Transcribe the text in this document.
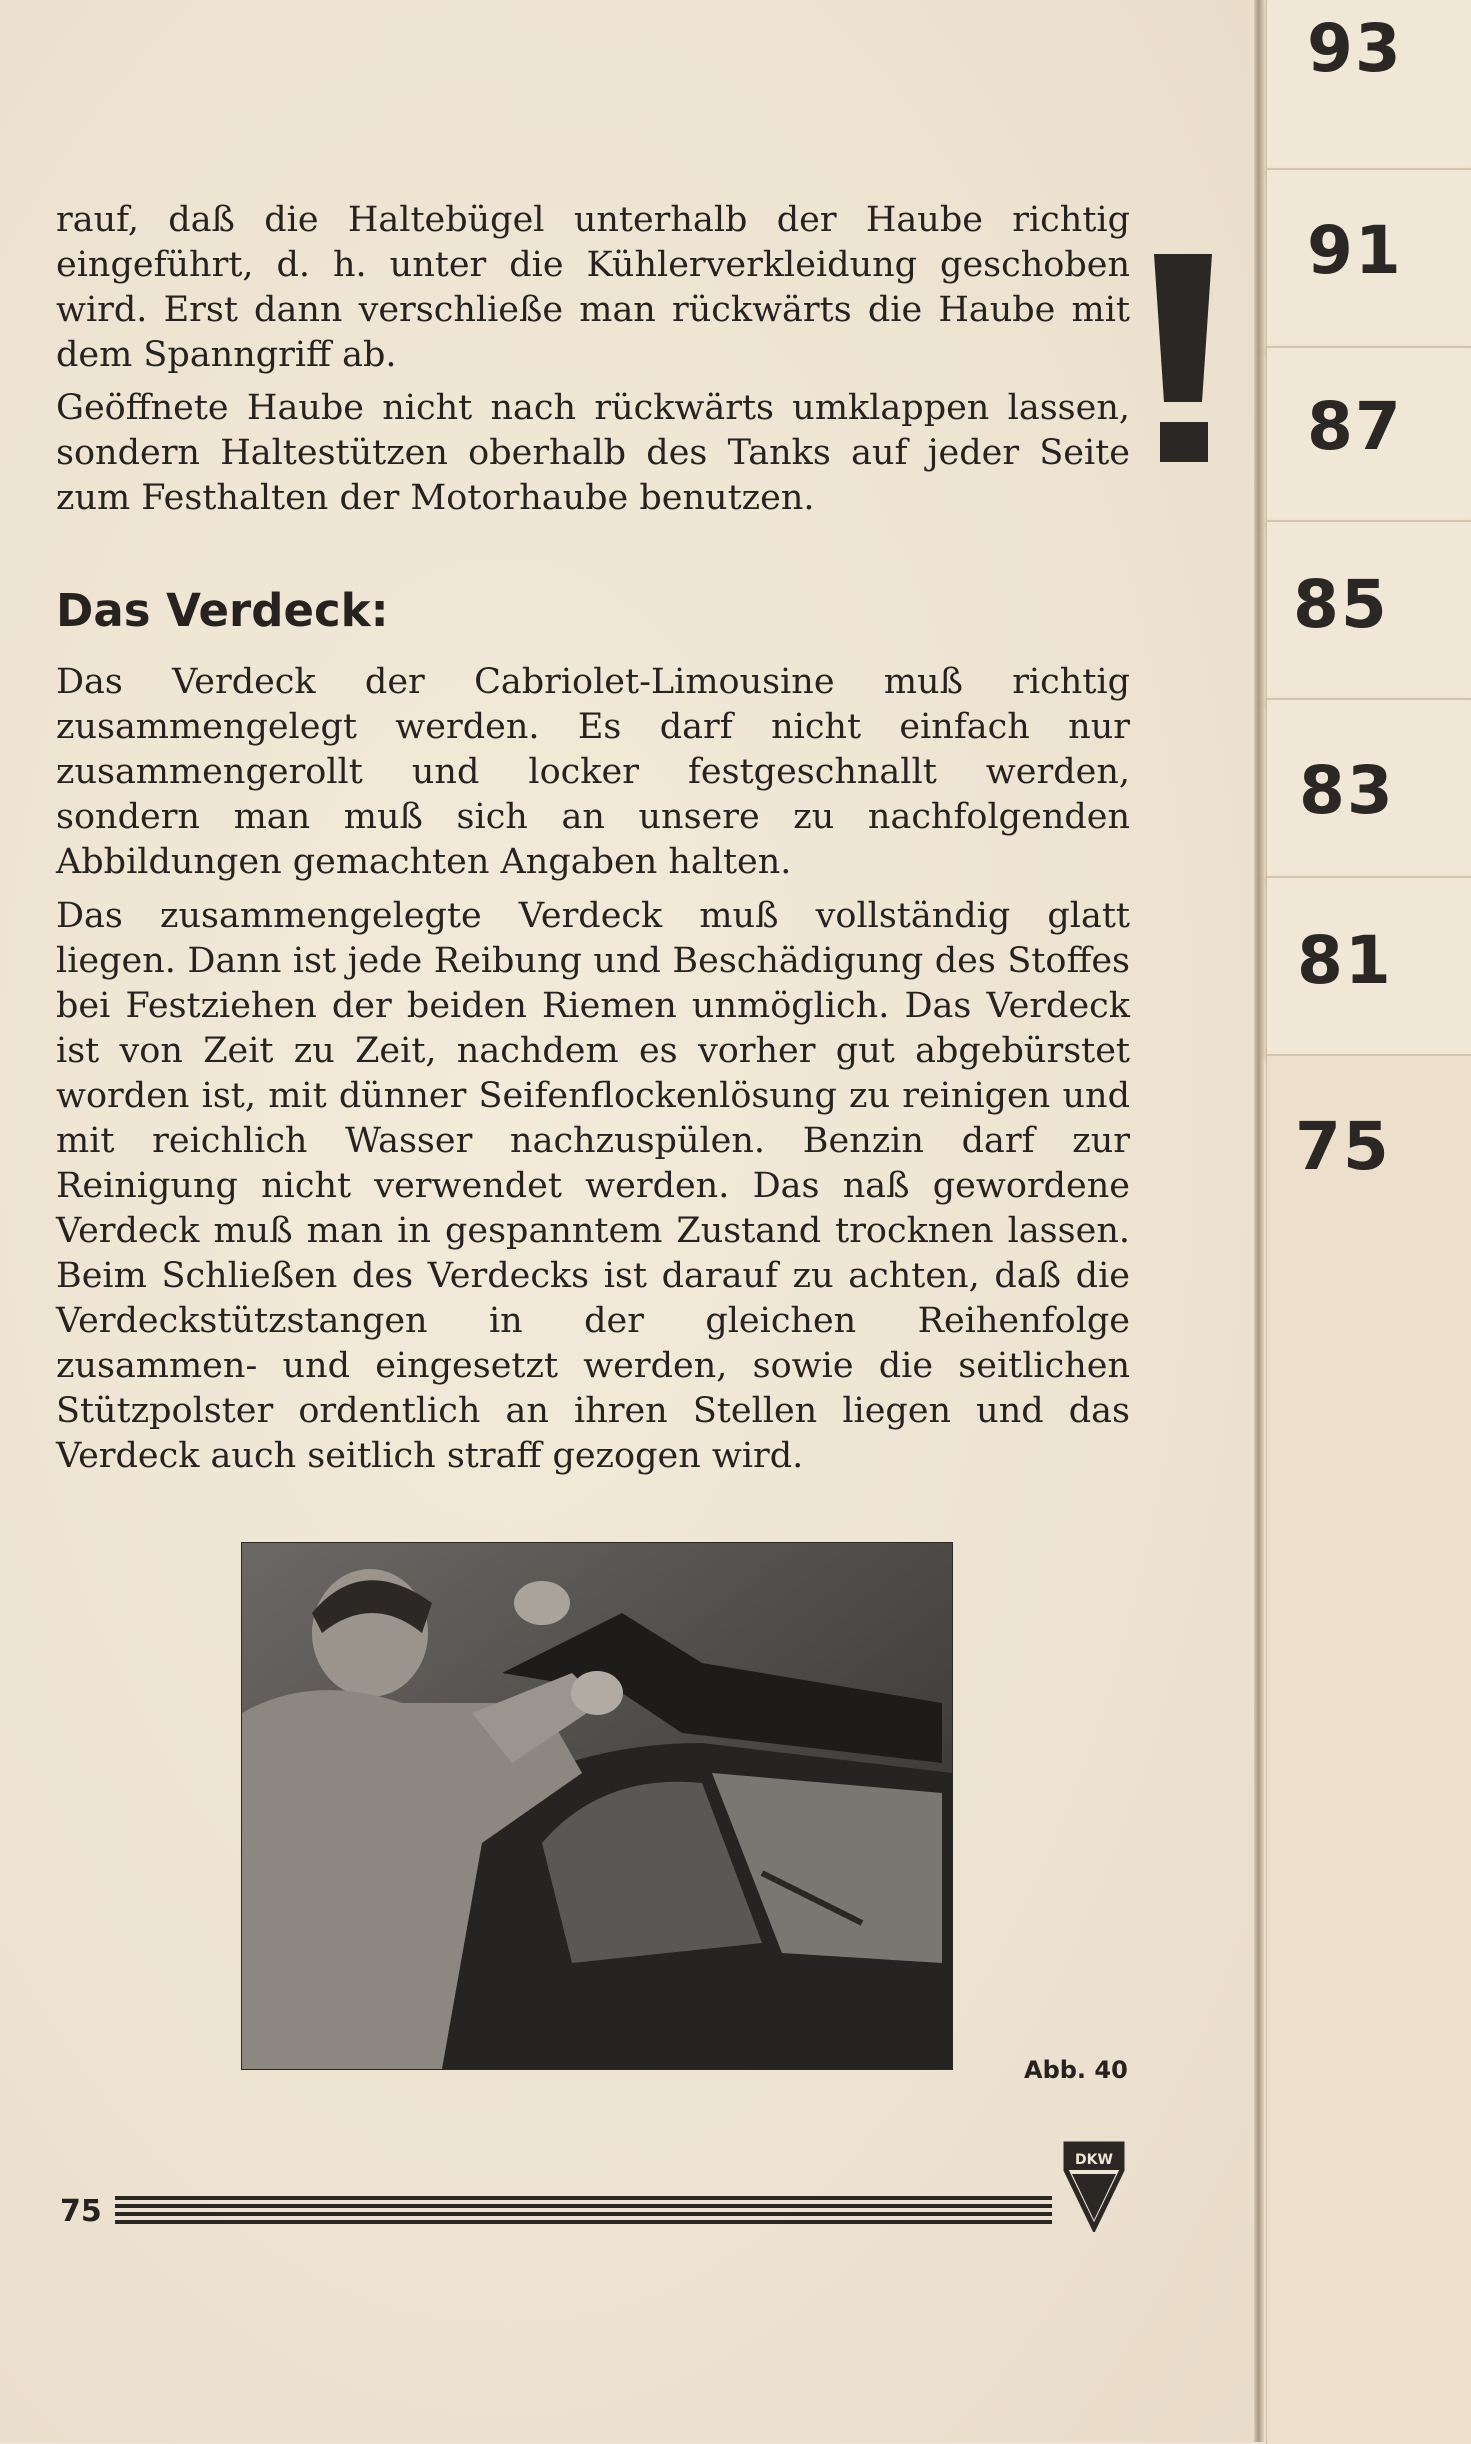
93
91
87
85
83
81
75

rauf, daß die Haltebügel unterhalb der Haube richtig eingeführt, d. h. unter die Kühlerverkleidung geschoben wird. Erst dann verschließe man rückwärts die Haube mit dem Spanngriff ab.

Geöffnete Haube nicht nach rückwärts umklappen lassen, sondern Haltestützen oberhalb des Tanks auf jeder Seite zum Festhalten der Motorhaube benutzen.

Das Verdeck:

Das Verdeck der Cabriolet-Limousine muß richtig zusammengelegt werden. Es darf nicht einfach nur zusammengerollt und locker festgeschnallt werden, sondern man muß sich an unsere zu nachfolgenden Abbildungen gemachten Angaben halten.

Das zusammengelegte Verdeck muß vollständig glatt liegen. Dann ist jede Reibung und Beschädigung des Stoffes bei Festziehen der beiden Riemen unmöglich. Das Verdeck ist von Zeit zu Zeit, nachdem es vorher gut abgebürstet worden ist, mit dünner Seifenflockenlösung zu reinigen und mit reichlich Wasser nachzuspülen. Benzin darf zur Reinigung nicht verwendet werden. Das naß gewordene Verdeck muß man in gespanntem Zustand trocknen lassen. Beim Schließen des Verdecks ist darauf zu achten, daß die Verdeckstützstangen in der gleichen Reihenfolge zusammen- und eingesetzt werden, sowie die seitlichen Stützpolster ordentlich an ihren Stellen liegen und das Verdeck auch seitlich straff gezogen wird.

Abb. 40
75
DKW
